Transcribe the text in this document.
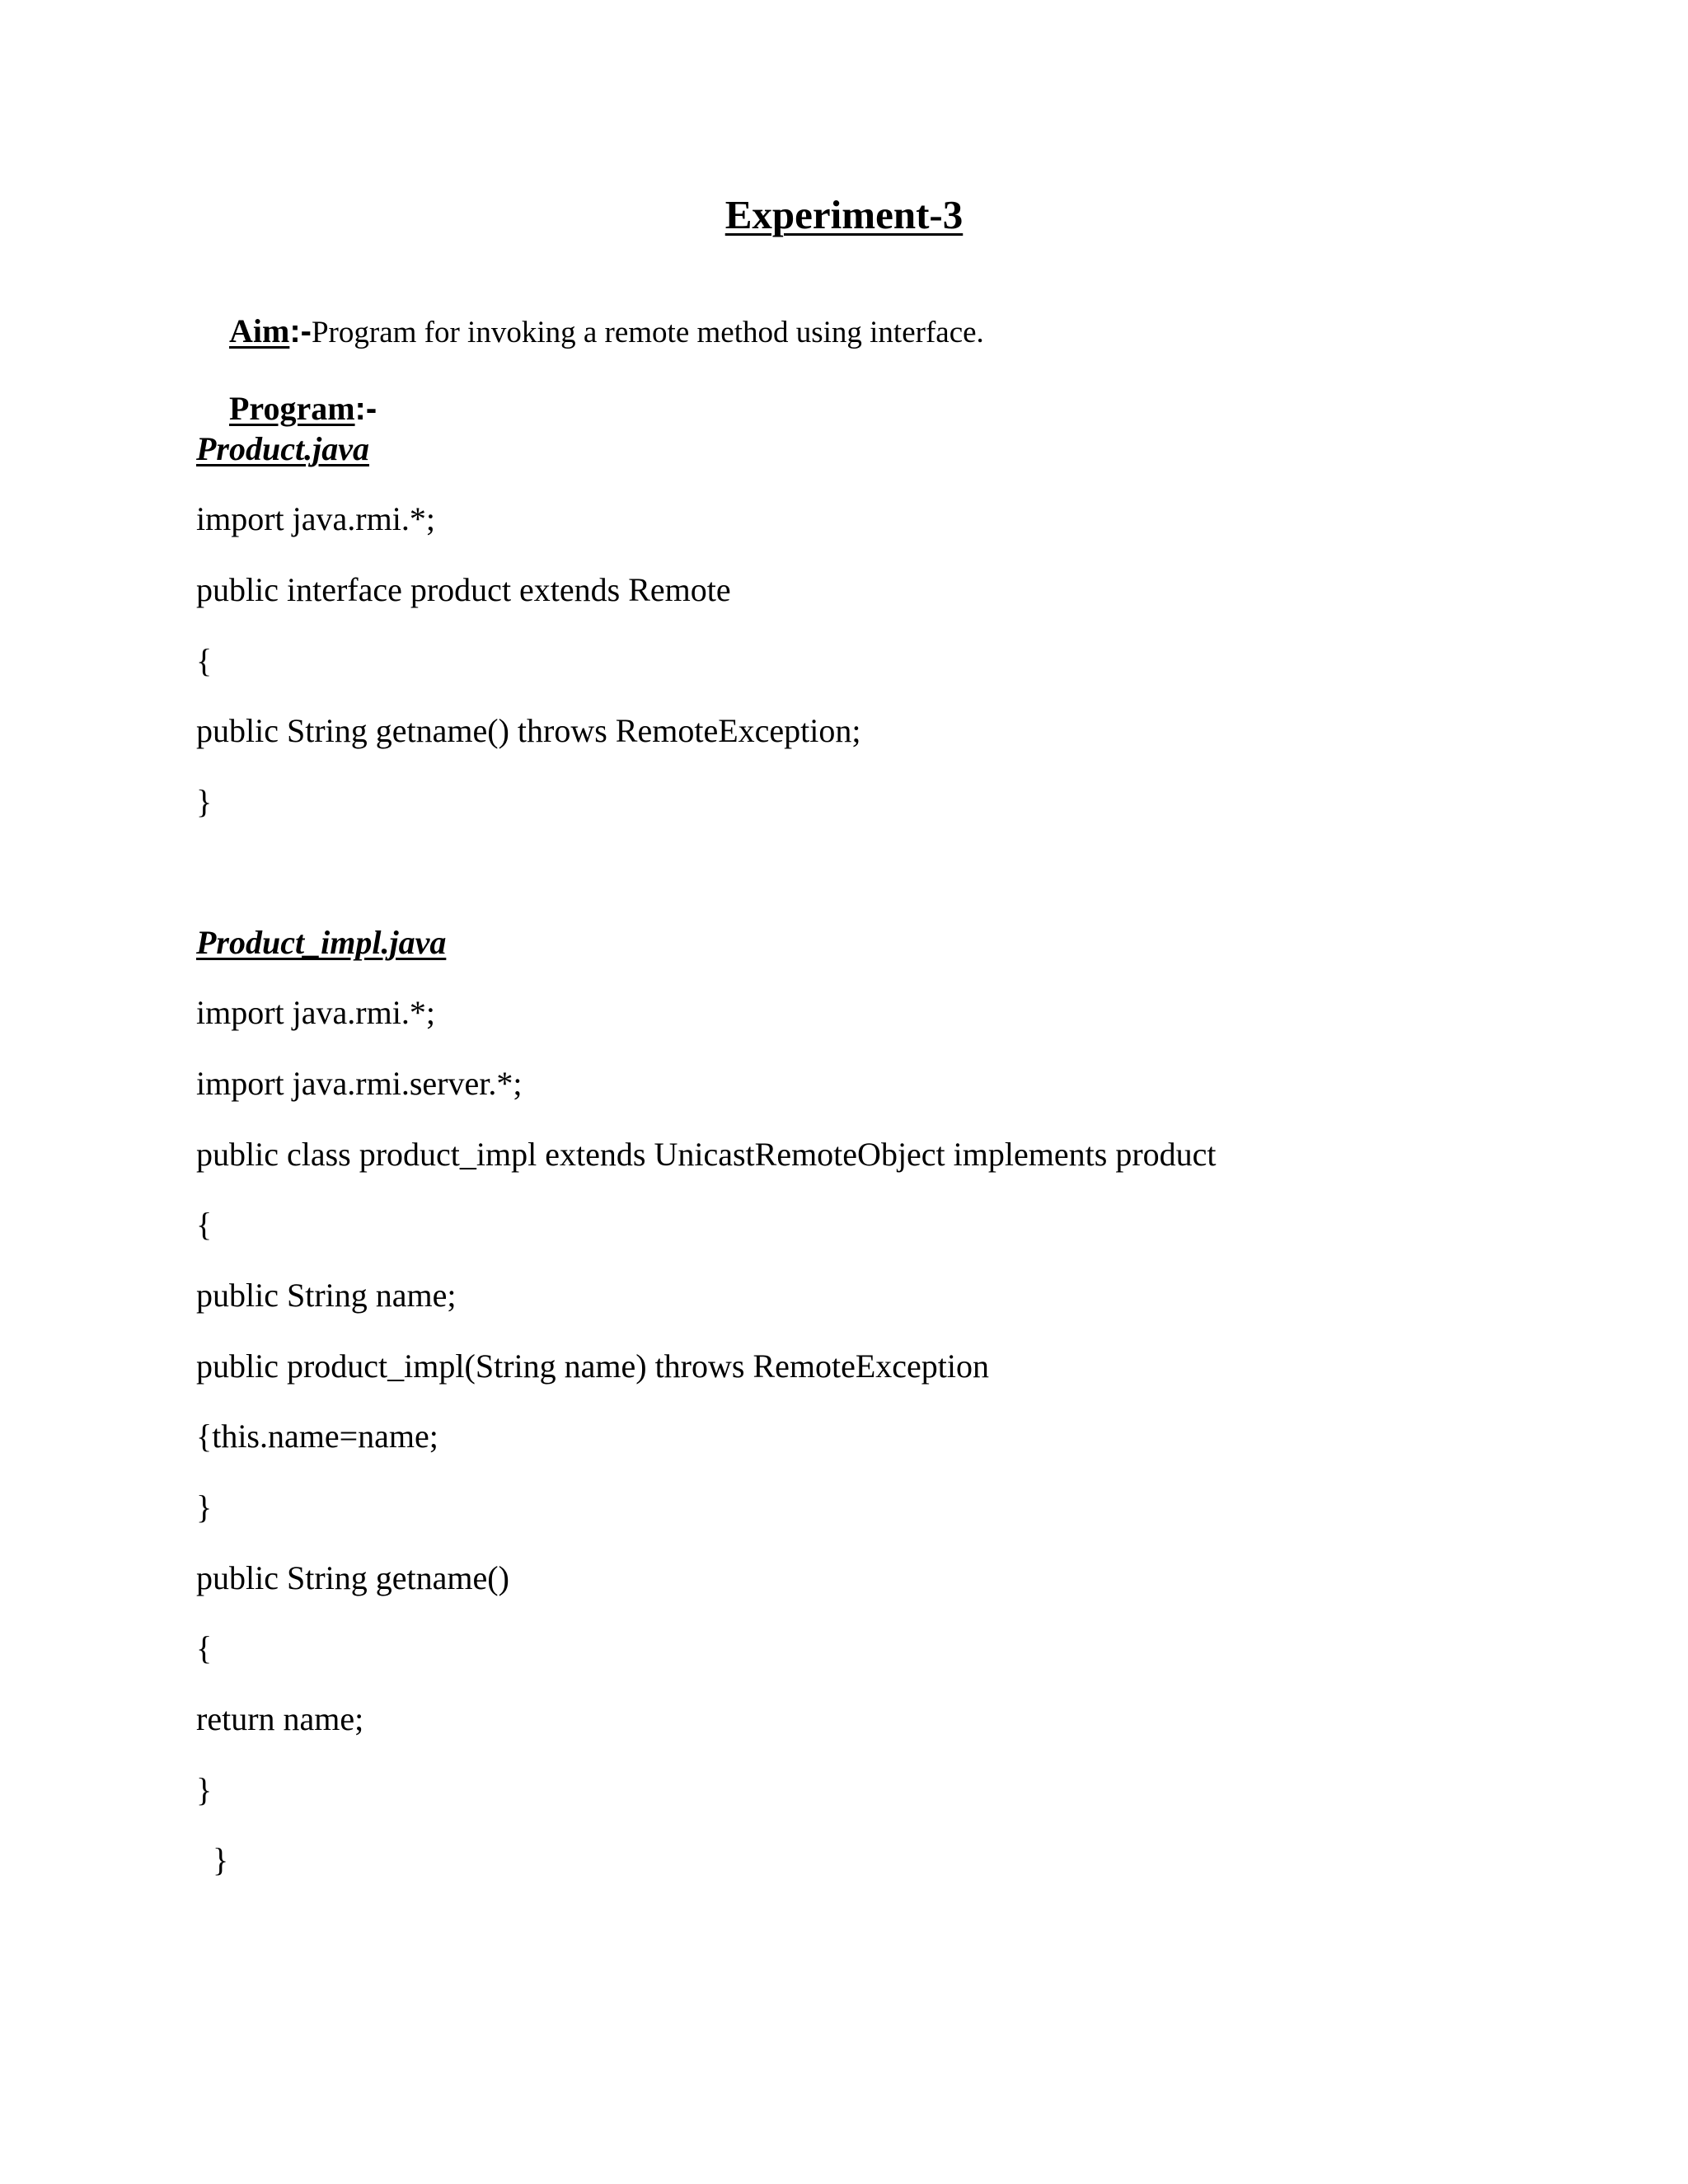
Experiment-3

Aim:-Program for invoking a remote method using interface.

Program:-

Product.java
import java.rmi.*;
public interface product extends Remote
{
public String getname() throws RemoteException;
}
Product_impl.java
import java.rmi.*;
import java.rmi.server.*;
public class product_impl extends UnicastRemoteObject implements product
{
public String name;
public product_impl(String name) throws RemoteException
{this.name=name;
}
public String getname()
{
return name;
}
}
